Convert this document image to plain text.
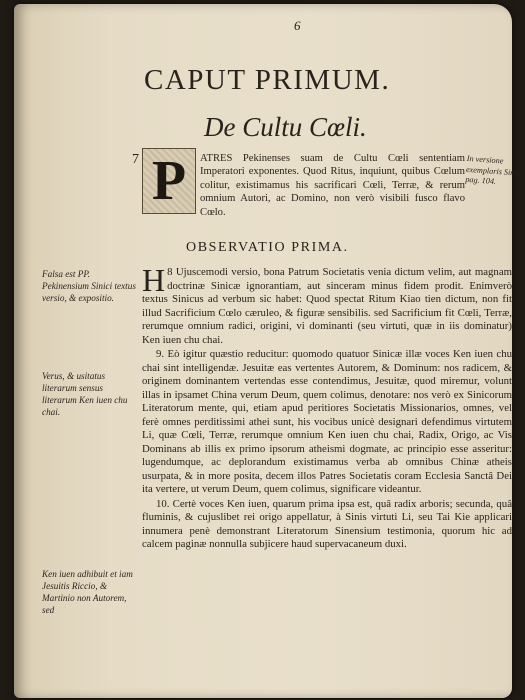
6
CAPUT PRIMUM.
De Cultu Cœli.
7 P	ATRES Pekinenses suam de Cultu Cœli sententiam Imperatori exponentes. Quod Ritus, inquiunt, quibus Cœlum colitur, existimamus his sacrificari Cœli, Terræ, & rerum omnium Autori, ac Domino, non verò visibili fusco flavo Cœlo.
In versione exemplaris Sinici pag. 104.
OBSERVATIO PRIMA.

8
H Ujuscemodi versio, bona Patrum Societatis venia dictum velim, aut magnam doctrinæ Sinicæ ignorantiam, aut sinceram minus fidem prodit. Enimverò textus Sinicus ad verbum sic habet: Quod spectat Ritum Kiao tien dictum, non fit illud Sacrificium Cœlo cæruleo, & figuræ sensibilis. sed Sacrificium fit Cœli, Terræ, rerumque omnium radici, origini, vi dominanti (seu virtuti, quæ in iis dominatur) Ken iuen chu chai.

9. Eò igitur quæstio reducitur: quomodo quatuor Sinicæ illæ voces Ken iuen chu chai sint intelligendæ. Jesuitæ eas vertentes Autorem, & Dominum: nos radicem, & originem dominantem vertendas esse contendimus, Jesuitæ, quod miremur, volunt illas in ipsamet China verum Deum, quem colimus, denotare: nos verò ex Sinicorum Literatorum mente, qui, etiam apud peritiores Societatis Missionarios, omnes, vel ferè omnes perditissimi athei sunt, his vocibus unicè designari defendimus virtutem Li, quæ Cœli, Terræ, rerumque omnium Ken iuen chu chai, Radix, Origo, ac Vis Dominans ab illis ex primo ipsorum atheismi dogmate, ac principio esse asseritur: lugendumque, ac deplorandum existimamus verba ab omnibus Chinæ atheis usurpata, & in more posita, decem illos Patres Societatis coram Ecclesia Sanctâ Dei ita vertere, ut verum Deum, quem colimus, significare videantur.

10. Certè voces Ken iuen, quarum prima ipsa est, quâ radix arboris; secunda, quâ fluminis, & cujuslibet rei origo appellatur, à Sinis virtuti Li, seu Tai Kie applicari innumera penè demonstrant Literatorum Sinensium testimonia, quorum hic ad calcem paginæ nonnulla subjicere haud supervacaneum duxi.

Falsa est PP. Pekinensium Sinici textus versio, & expositio.
Verus, & usitatus literarum sensus literarum Ken iuen chu chai.
Ken iuen adhibuit et iam Jesuitis Riccio, & Martinio non Autorem, sed
